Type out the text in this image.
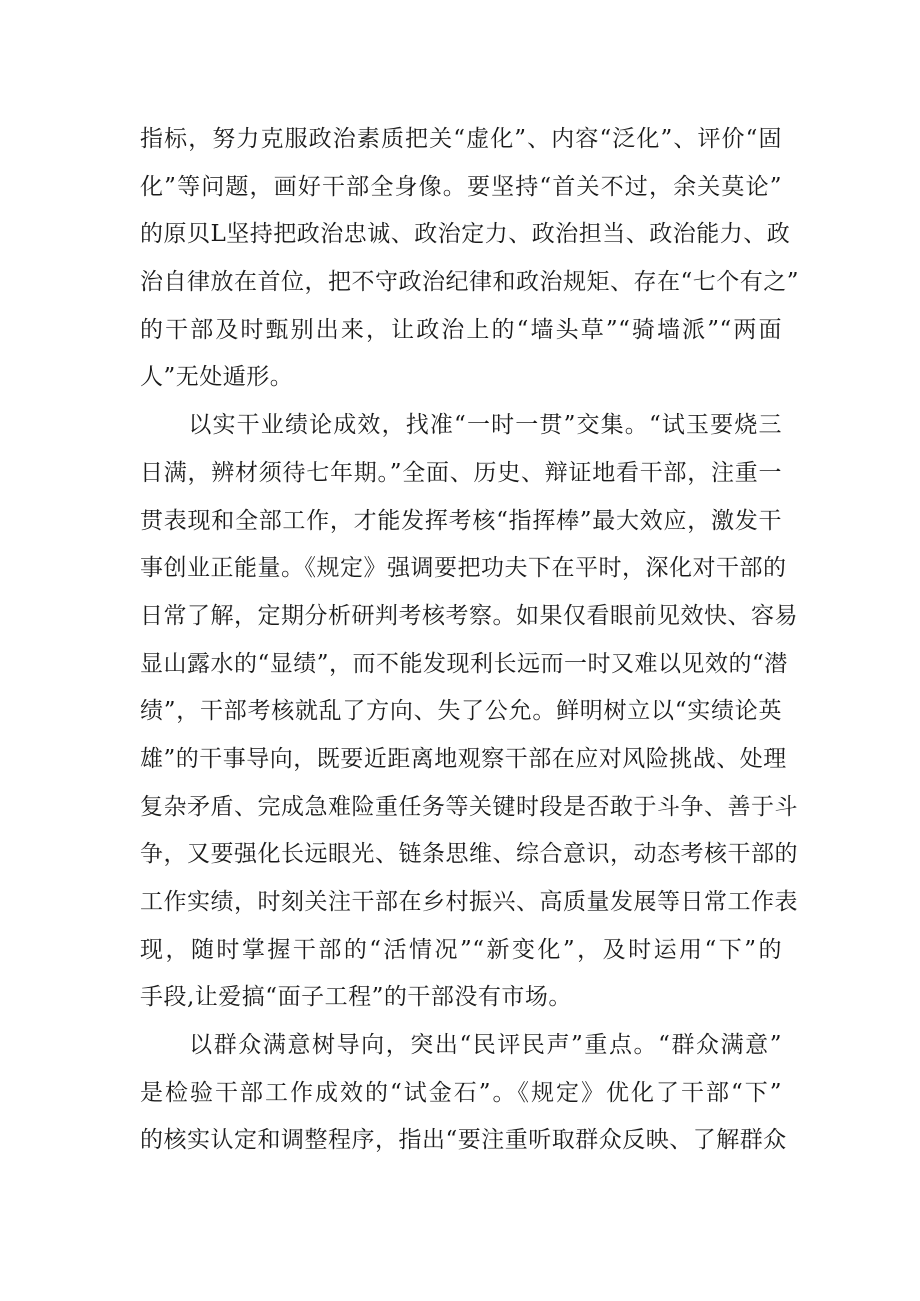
指标，努力克服政治素质把关“虚化”、内容“泛化”、评价“固
化”等问题，画好干部全身像。要坚持“首关不过，余关莫论”
的原贝L坚持把政治忠诚、政治定力、政治担当、政治能力、政
治自律放在首位，把不守政治纪律和政治规矩、存在“七个有之”
的干部及时甄别出来，让政治上的“墙头草”“骑墙派”“两面
人”无处遁形。
　　以实干业绩论成效，找准“一时一贯”交集。“试玉要烧三
日满，辨材须待七年期。”全面、历史、辩证地看干部，注重一
贯表现和全部工作，才能发挥考核“指挥棒”最大效应，激发干
事创业正能量。《规定》强调要把功夫下在平时，深化对干部的
日常了解，定期分析研判考核考察。如果仅看眼前见效快、容易
显山露水的“显绩”，而不能发现利长远而一时又难以见效的“潜
绩”，干部考核就乱了方向、失了公允。鲜明树立以“实绩论英
雄”的干事导向，既要近距离地观察干部在应对风险挑战、处理
复杂矛盾、完成急难险重任务等关键时段是否敢于斗争、善于斗
争，又要强化长远眼光、链条思维、综合意识，动态考核干部的
工作实绩，时刻关注干部在乡村振兴、高质量发展等日常工作表
现，随时掌握干部的“活情况”“新变化”，及时运用“下”的
手段,让爱搞“面子工程”的干部没有市场。
　　以群众满意树导向，突出“民评民声”重点。“群众满意”
是检验干部工作成效的“试金石”。《规定》优化了干部“下”
的核实认定和调整程序，指出“要注重听取群众反映、了解群众
